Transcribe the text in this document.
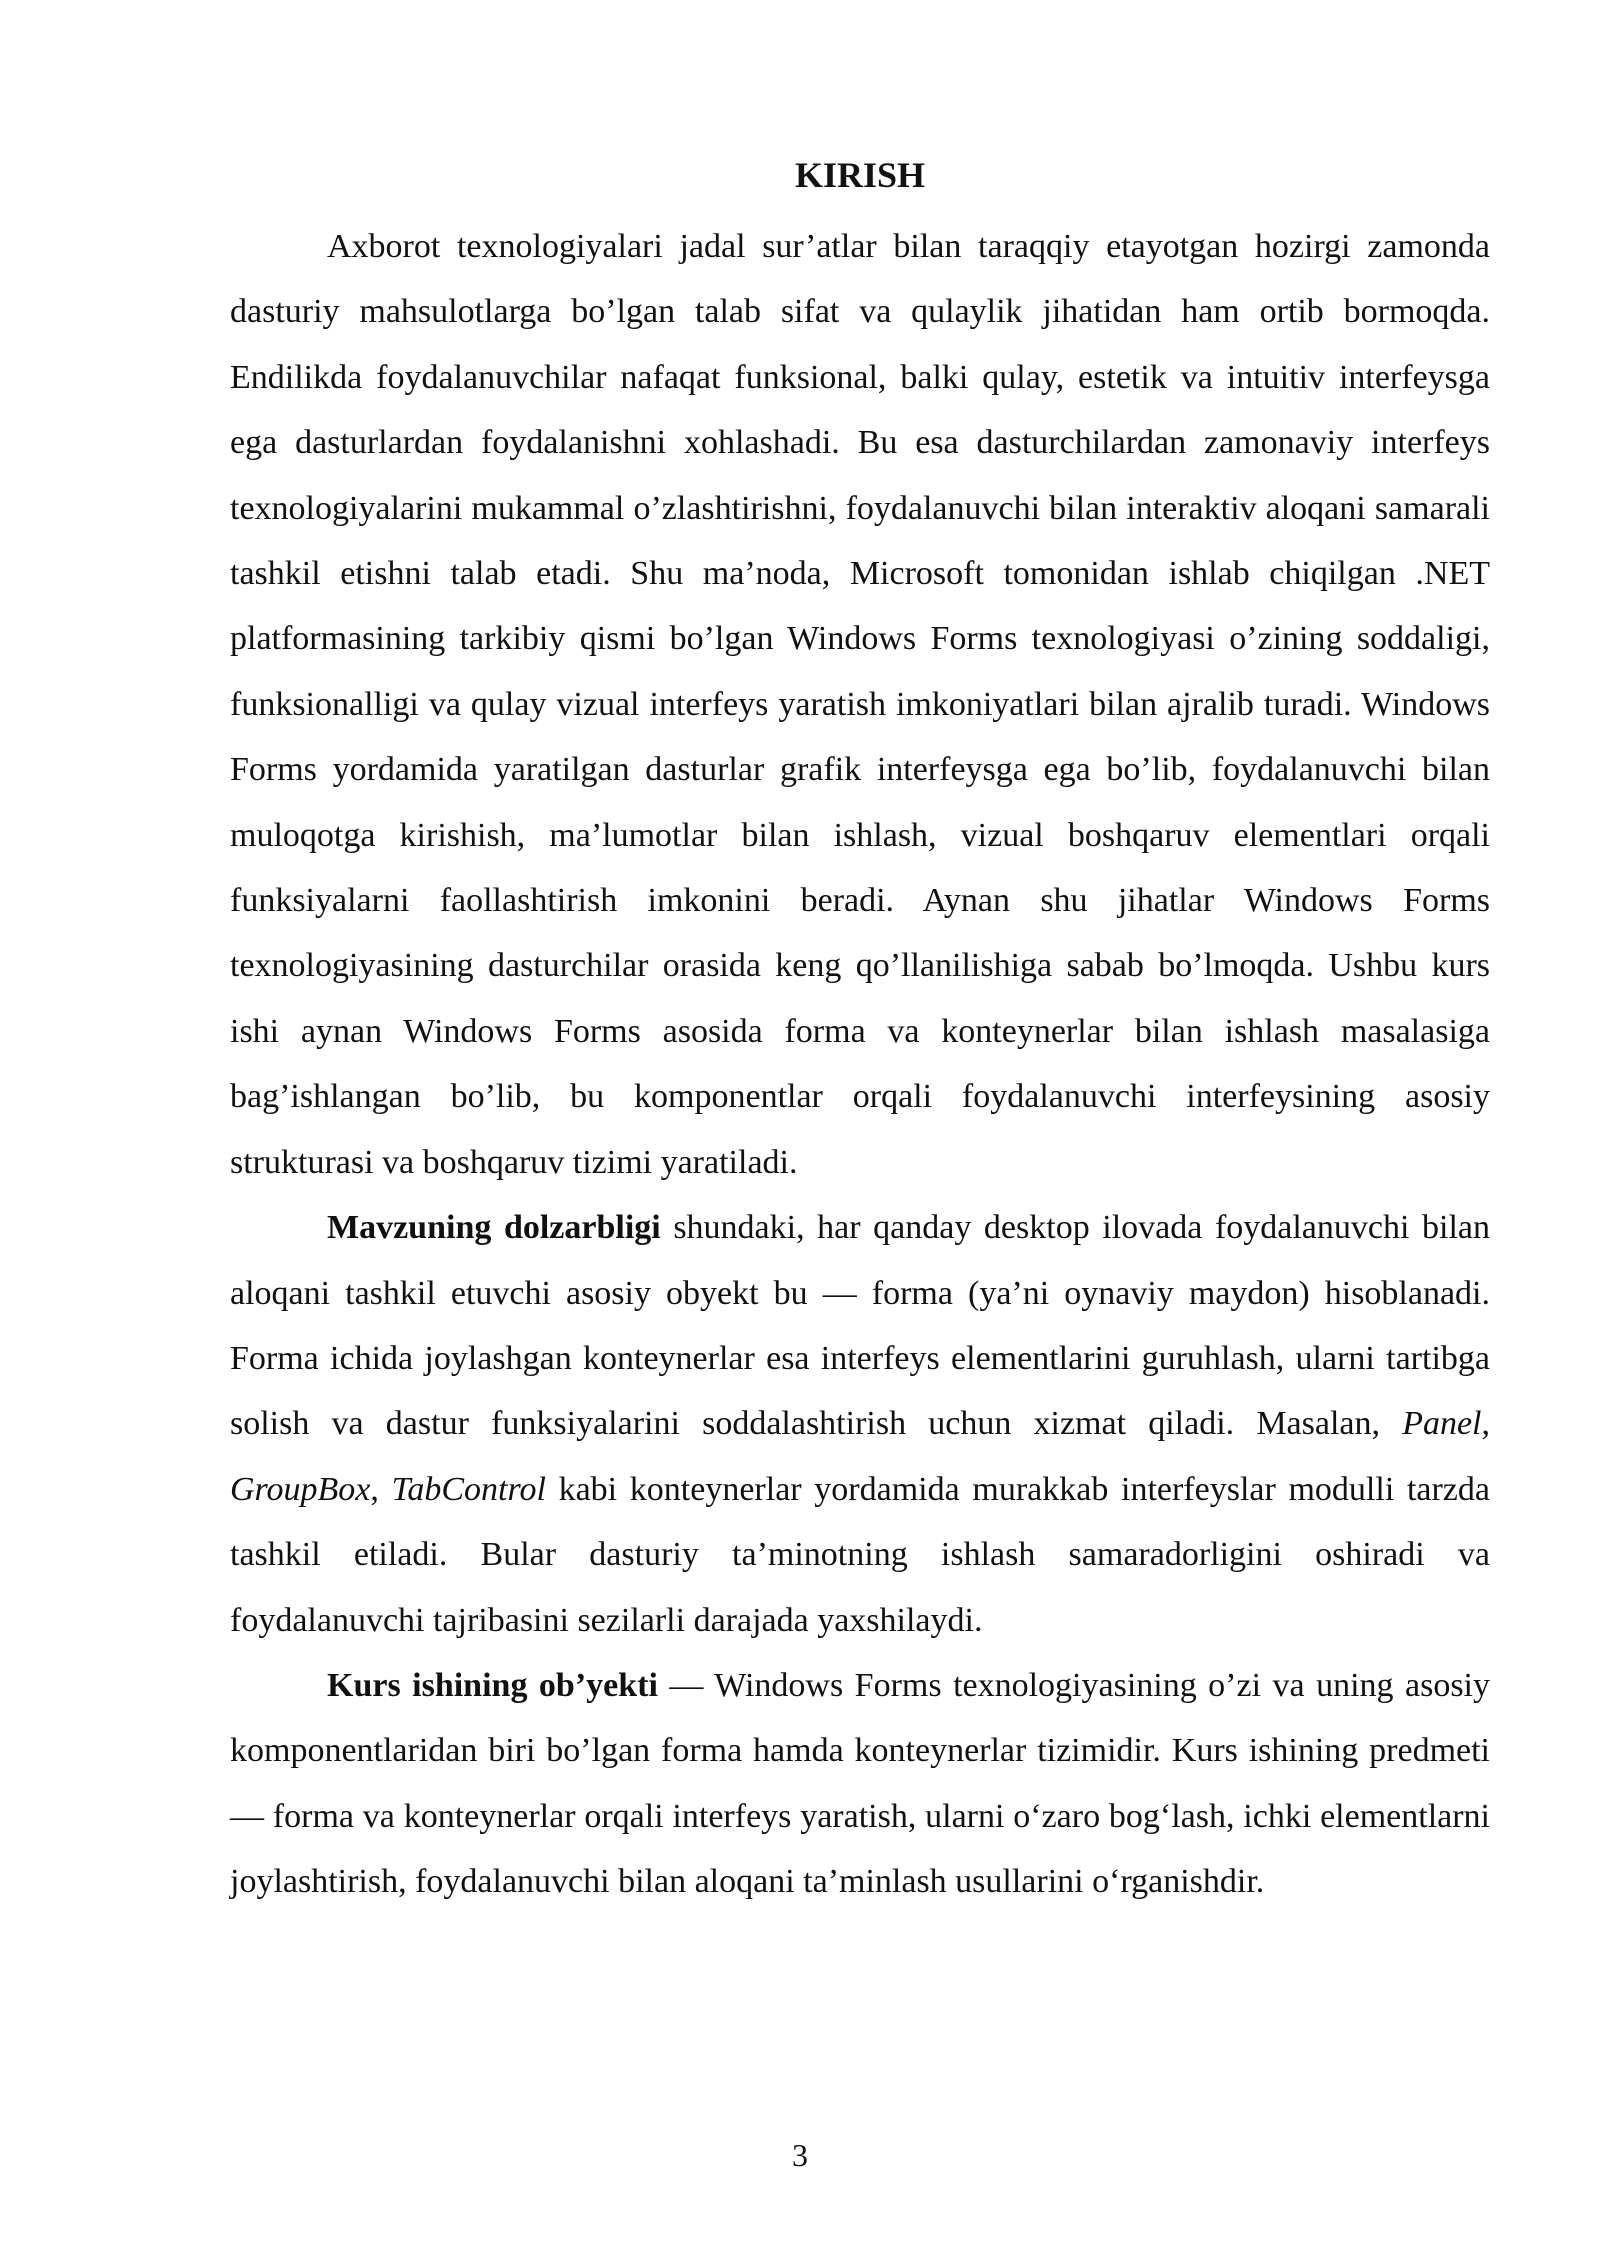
KIRISH

Axborot texnologiyalari jadal sur’atlar bilan taraqqiy etayotgan hozirgi zamonda dasturiy mahsulotlarga bo’lgan talab sifat va qulaylik jihatidan ham ortib bormoqda. Endilikda foydalanuvchilar nafaqat funksional, balki qulay, estetik va intuitiv interfeysga ega dasturlardan foydalanishni xohlashadi. Bu esa dasturchilardan zamonaviy interfeys texnologiyalarini mukammal o’zlashtirishni, foydalanuvchi bilan interaktiv aloqani samarali tashkil etishni talab etadi. Shu ma’noda, Microsoft tomonidan ishlab chiqilgan .NET platformasining tarkibiy qismi bo’lgan Windows Forms texnologiyasi o’zining soddaligi, funksionalligi va qulay vizual interfeys yaratish imkoniyatlari bilan ajralib turadi. Windows Forms yordamida yaratilgan dasturlar grafik interfeysga ega bo’lib, foydalanuvchi bilan muloqotga kirishish, ma’lumotlar bilan ishlash, vizual boshqaruv elementlari orqali funksiyalarni faollashtirish imkonini beradi. Aynan shu jihatlar Windows Forms texnologiyasining dasturchilar orasida keng qo’llanilishiga sabab bo’lmoqda. Ushbu kurs ishi aynan Windows Forms asosida forma va konteynerlar bilan ishlash masalasiga bag’ishlangan bo’lib, bu komponentlar orqali foydalanuvchi interfeysining asosiy strukturasi va boshqaruv tizimi yaratiladi.

Mavzuning dolzarbligi shundaki, har qanday desktop ilovada foydalanuvchi bilan aloqani tashkil etuvchi asosiy obyekt bu — forma (ya’ni oynaviy maydon) hisoblanadi. Forma ichida joylashgan konteynerlar esa interfeys elementlarini guruhlash, ularni tartibga solish va dastur funksiyalarini soddalashtirish uchun xizmat qiladi. Masalan, Panel, GroupBox, TabControl kabi konteynerlar yordamida murakkab interfeyslar modulli tarzda tashkil etiladi. Bular dasturiy ta’minotning ishlash samaradorligini oshiradi va foydalanuvchi tajribasini sezilarli darajada yaxshilaydi.

Kurs ishining ob’yekti — Windows Forms texnologiyasining o’zi va uning asosiy komponentlaridan biri bo’lgan forma hamda konteynerlar tizimidir. Kurs ishining predmeti — forma va konteynerlar orqali interfeys yaratish, ularni o‘zaro bog‘lash, ichki elementlarni joylashtirish, foydalanuvchi bilan aloqani ta’minlash usullarini o‘rganishdir.

3
